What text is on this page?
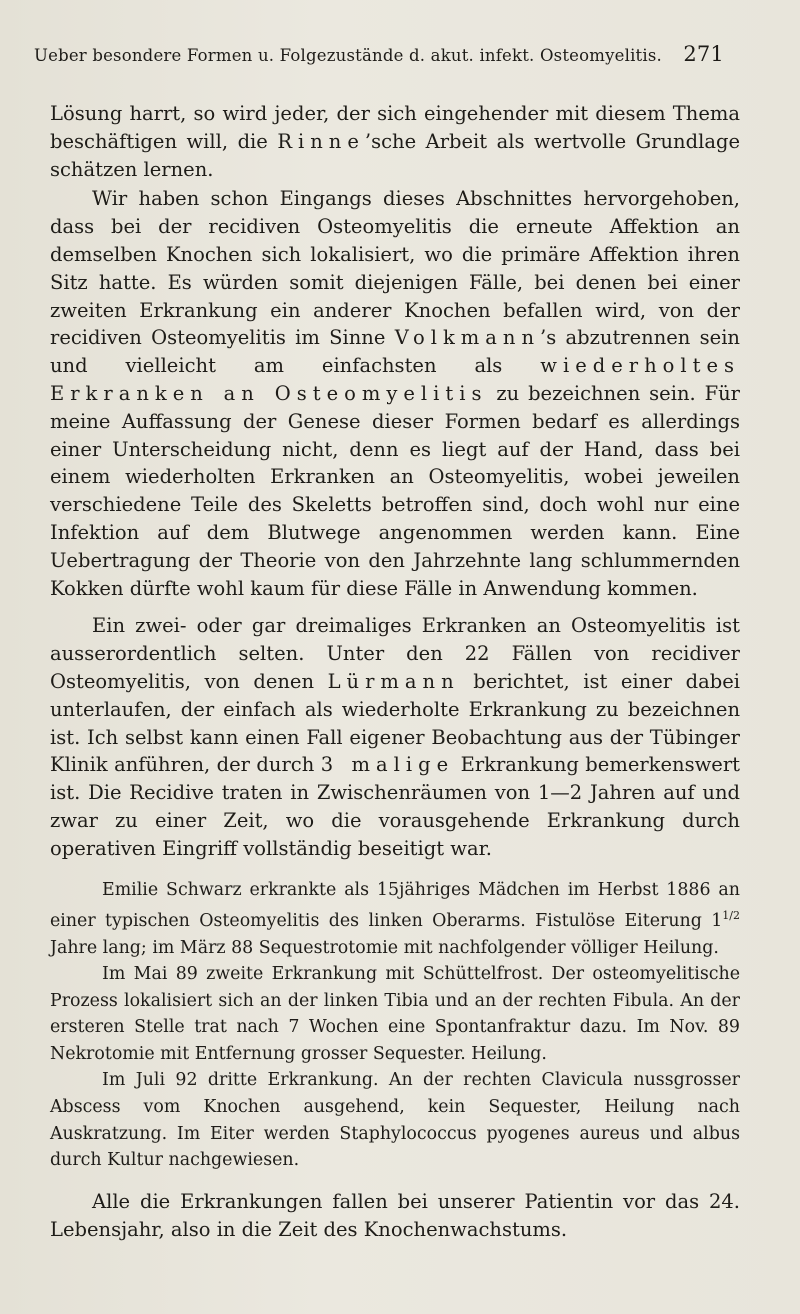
Ueber besondere Formen u. Folgezustände d. akut. infekt. Osteomyelitis. 271

Lösung harrt, so wird jeder, der sich eingehender mit diesem Thema beschäftigen will, die Rinne’sche Arbeit als wertvolle Grundlage schätzen lernen.

Wir haben schon Eingangs dieses Abschnittes hervorgehoben, dass bei der recidiven Osteomyelitis die erneute Affektion an demselben Knochen sich lokalisiert, wo die primäre Affektion ihren Sitz hatte. Es würden somit diejenigen Fälle, bei denen bei einer zweiten Erkrankung ein anderer Knochen befallen wird, von der recidiven Osteomyelitis im Sinne Volkmann’s abzutrennen sein und vielleicht am einfachsten als wiederholtes Erkranken an Osteomyelitis zu bezeichnen sein. Für meine Auffassung der Genese dieser Formen bedarf es allerdings einer Unterscheidung nicht, denn es liegt auf der Hand, dass bei einem wiederholten Erkranken an Osteomyelitis, wobei jeweilen verschiedene Teile des Skeletts betroffen sind, doch wohl nur eine Infektion auf dem Blutwege angenommen werden kann. Eine Uebertragung der Theorie von den Jahrzehnte lang schlummernden Kokken dürfte wohl kaum für diese Fälle in Anwendung kommen.

Ein zwei- oder gar dreimaliges Erkranken an Osteomyelitis ist ausserordentlich selten. Unter den 22 Fällen von recidiver Osteomyelitis, von denen Lürmann berichtet, ist einer dabei unterlaufen, der einfach als wiederholte Erkrankung zu bezeichnen ist. Ich selbst kann einen Fall eigener Beobachtung aus der Tübinger Klinik anführen, der durch 3 malige Erkrankung bemerkenswert ist. Die Recidive traten in Zwischenräumen von 1—2 Jahren auf und zwar zu einer Zeit, wo die vorausgehende Erkrankung durch operativen Eingriff vollständig beseitigt war.

Emilie Schwarz erkrankte als 15jähriges Mädchen im Herbst 1886 an einer typischen Osteomyelitis des linken Oberarms. Fistulöse Eiterung $1^{1/2}$ Jahre lang; im März 88 Sequestrotomie mit nachfolgender völliger Heilung.

Im Mai 89 zweite Erkrankung mit Schüttelfrost. Der osteomyelitische Prozess lokalisiert sich an der linken Tibia und an der rechten Fibula. An der ersteren Stelle trat nach 7 Wochen eine Spontanfraktur dazu. Im Nov. 89 Nekrotomie mit Entfernung grosser Sequester. Heilung.

Im Juli 92 dritte Erkrankung. An der rechten Clavicula nussgrosser Abscess vom Knochen ausgehend, kein Sequester, Heilung nach Auskratzung. Im Eiter werden Staphylococcus pyogenes aureus und albus durch Kultur nachgewiesen.

Alle die Erkrankungen fallen bei unserer Patientin vor das 24. Lebensjahr, also in die Zeit des Knochenwachstums.
